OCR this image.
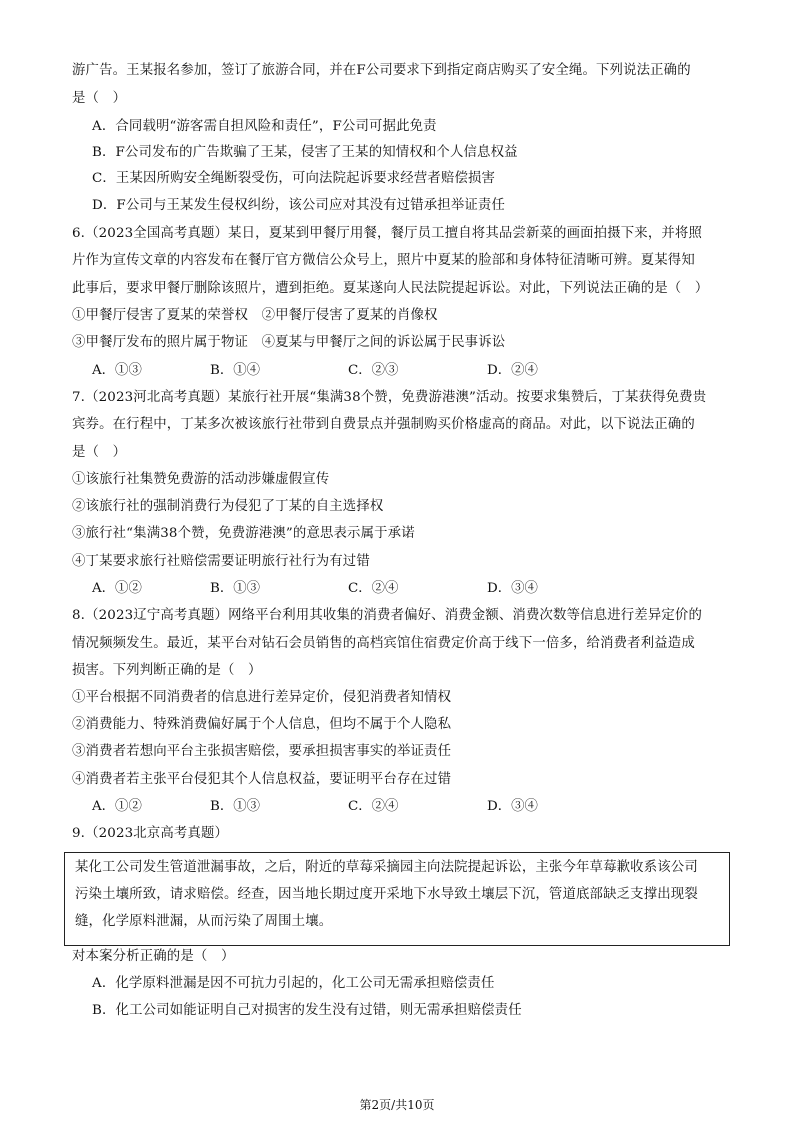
游广告。王某报名参加，签订了旅游合同，并在F公司要求下到指定商店购买了安全绳。下列说法正确的
是（　）
A．合同载明“游客需自担风险和责任”，F公司可据此免责
B．F公司发布的广告欺骗了王某，侵害了王某的知情权和个人信息权益
C．王某因所购安全绳断裂受伤，可向法院起诉要求经营者赔偿损害
D．F公司与王某发生侵权纠纷，该公司应对其没有过错承担举证责任
6.（2023全国高考真题）某日，夏某到甲餐厅用餐，餐厅员工擅自将其品尝新菜的画面拍摄下来，并将照
片作为宣传文章的内容发布在餐厅官方微信公众号上，照片中夏某的脸部和身体特征清晰可辨。夏某得知
此事后，要求甲餐厅删除该照片，遭到拒绝。夏某遂向人民法院提起诉讼。对此，下列说法正确的是（　）
①甲餐厅侵害了夏某的荣誉权　②甲餐厅侵害了夏某的肖像权
③甲餐厅发布的照片属于物证　④夏某与甲餐厅之间的诉讼属于民事诉讼
A．①③	B．①④	C．②③	D．②④
7.（2023河北高考真题）某旅行社开展“集满38个赞，免费游港澳”活动。按要求集赞后，丁某获得免费贵
宾券。在行程中，丁某多次被该旅行社带到自费景点并强制购买价格虚高的商品。对此，以下说法正确的
是（　）
①该旅行社集赞免费游的活动涉嫌虚假宣传
②该旅行社的强制消费行为侵犯了丁某的自主选择权
③旅行社“集满38个赞，免费游港澳”的意思表示属于承诺
④丁某要求旅行社赔偿需要证明旅行社行为有过错
A．①②	B．①③	C．②④	D．③④
8.（2023辽宁高考真题）网络平台利用其收集的消费者偏好、消费金额、消费次数等信息进行差异定价的
情况频频发生。最近，某平台对钻石会员销售的高档宾馆住宿费定价高于线下一倍多，给消费者利益造成
损害。下列判断正确的是（　）
①平台根据不同消费者的信息进行差异定价，侵犯消费者知情权
②消费能力、特殊消费偏好属于个人信息，但均不属于个人隐私
③消费者若想向平台主张损害赔偿，要承担损害事实的举证责任
④消费者若主张平台侵犯其个人信息权益，要证明平台存在过错
A．①②	B．①③	C．②④	D．③④
9.（2023北京高考真题）
某化工公司发生管道泄漏事故，之后，附近的草莓采摘园主向法院提起诉讼，主张今年草莓歉收系该公司
污染土壤所致，请求赔偿。经查，因当地长期过度开采地下水导致土壤层下沉，管道底部缺乏支撑出现裂
缝，化学原料泄漏，从而污染了周围土壤。
对本案分析正确的是（　）
A．化学原料泄漏是因不可抗力引起的，化工公司无需承担赔偿责任
B．化工公司如能证明自己对损害的发生没有过错，则无需承担赔偿责任
第2页/共10页
